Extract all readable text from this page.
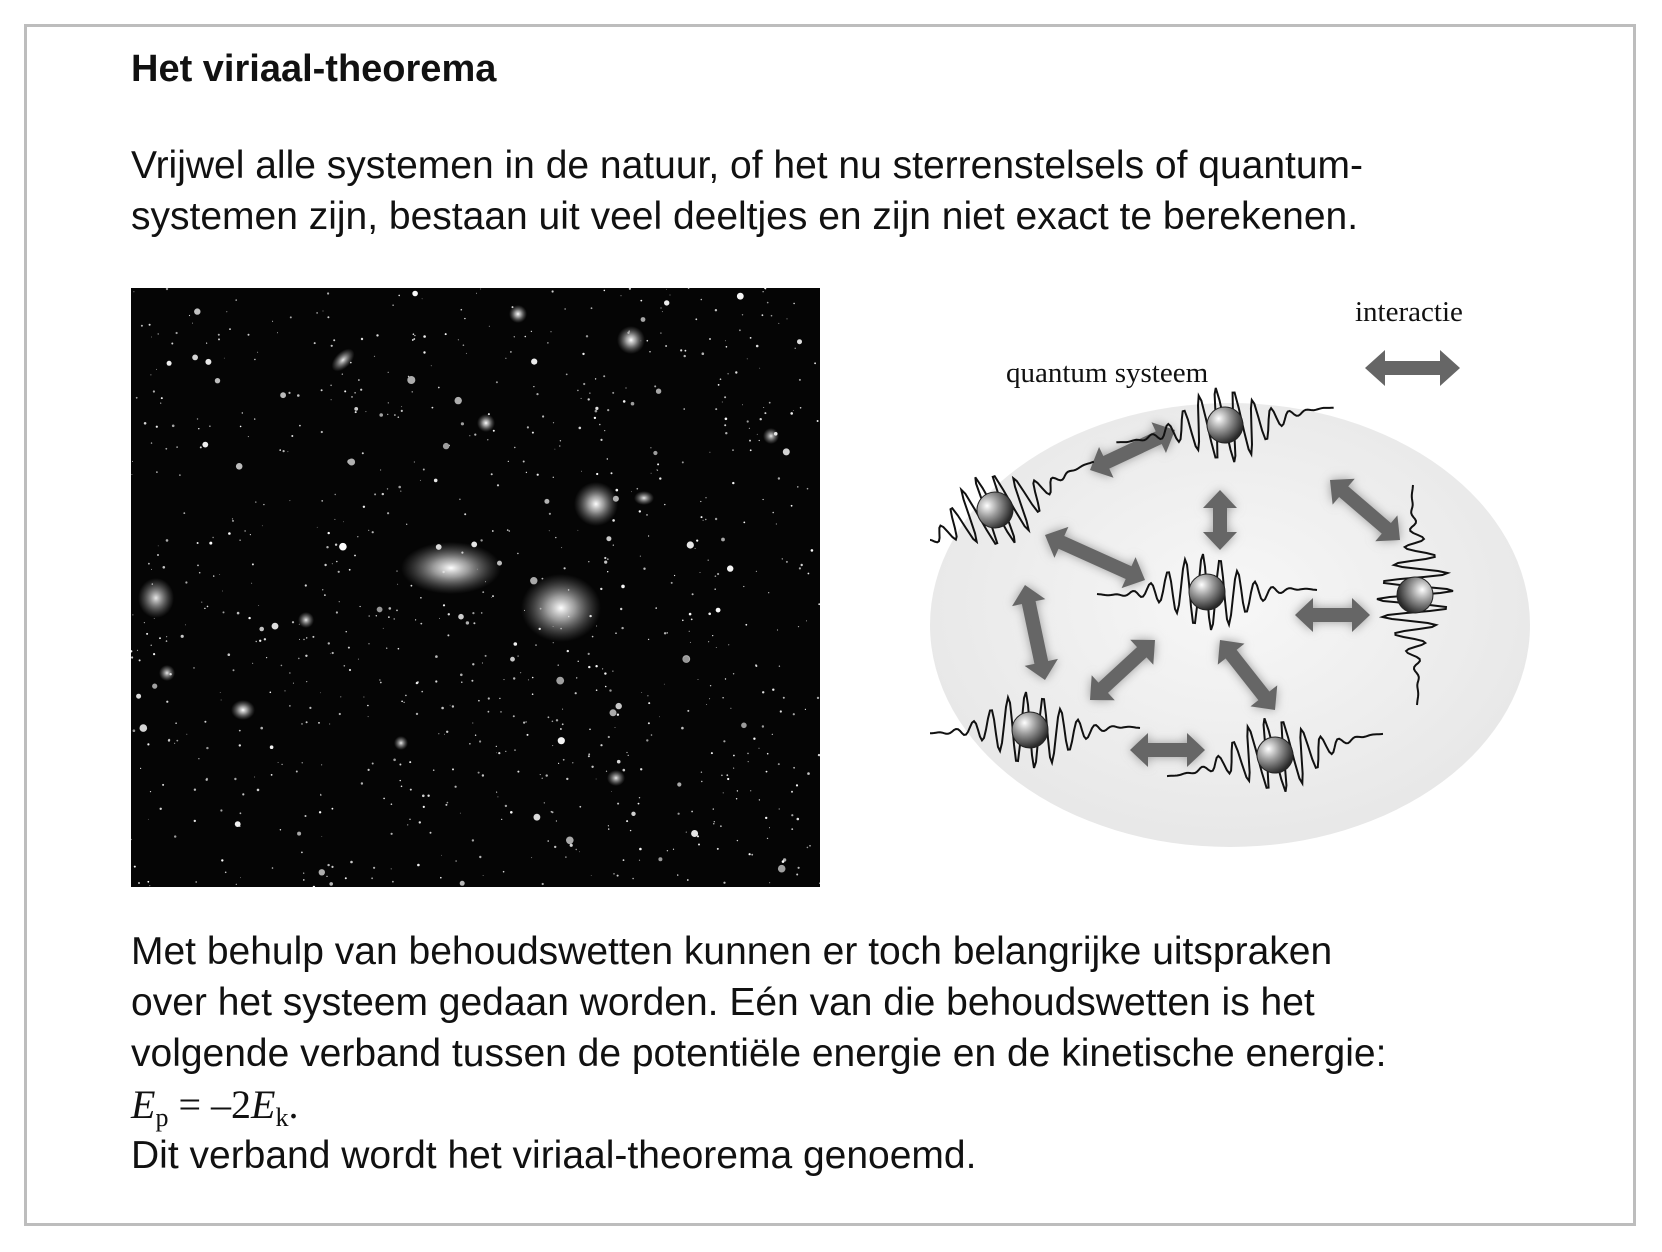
Het viriaal-theorema

Vrijwel alle systemen in de natuur, of het nu sterrenstelsels of quantum-
systemen zijn, bestaan uit veel deeltjes en zijn niet exact te berekenen.

interactie
quantum systeem
Met behulp van behoudswetten kunnen er toch belangrijke uitspraken
over het systeem gedaan worden. Eén van die behoudswetten is het
volgende verband tussen de potentiële energie en de kinetische energie:
$E_p = -2E_k$.
Dit verband wordt het viriaal-theorema genoemd.
